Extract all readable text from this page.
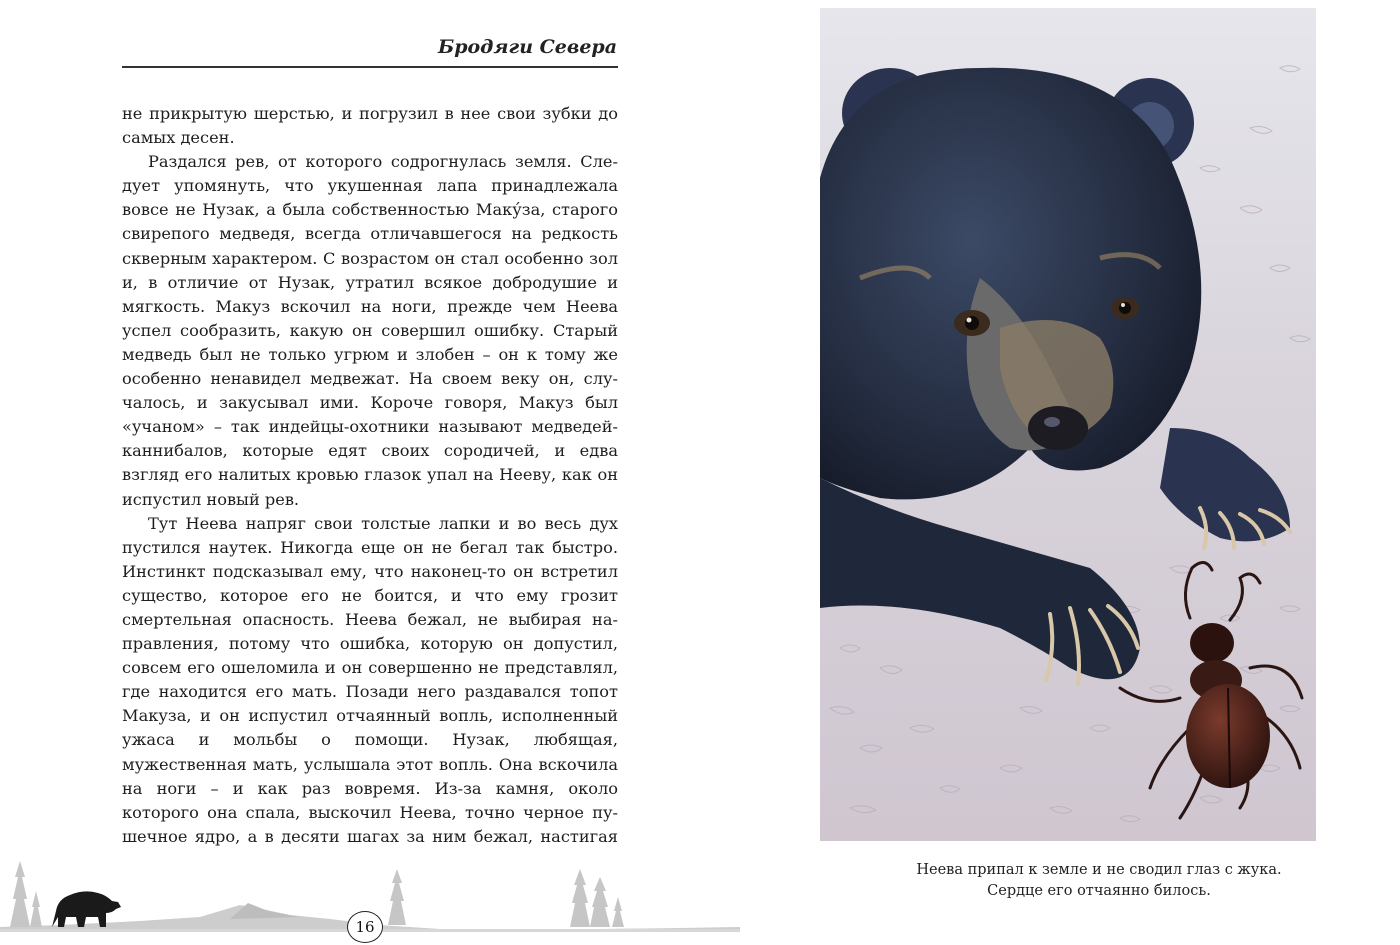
Бродяги Севера

не прикрытую шерстью, и погрузил в нее свои зубки до самых десен.

Раздался рев, от которого содрогнулась земля. Следует упомянуть, что укушенная лапа принадлежала вовсе не Нузак, а была собственностью Маку́за, старого свирепого медведя, всегда отличавшегося на редкость скверным характером. С возрастом он стал особенно зол и, в отличие от Нузак, утратил всякое добродушие и мягкость. Макуз вскочил на ноги, прежде чем Неева успел сообразить, какую он совершил ошибку. Старый медведь был не только угрюм и злобен – он к тому же особенно ненавидел медвежат. На своем веку он, случалось, и закусывал ими. Короче говоря, Макуз был «учаном» – так индейцы-охотники называют медведей-каннибалов, которые едят своих сородичей, и едва взгляд его налитых кровью глазок упал на Нееву, как он испустил новый рев.

Тут Неева напряг свои толстые лапки и во весь дух пустился наутек. Никогда еще он не бегал так быстро. Инстинкт подсказывал ему, что наконец-то он встретил существо, которое его не боится, и что ему грозит смертельная опасность. Неева бежал, не выбирая направления, потому что ошибка, которую он допустил, совсем его ошеломила и он совершенно не представлял, где находится его мать. Позади него раздавался топот Макуза, и он испустил отчаянный вопль, исполненный ужаса и мольбы о помощи. Нузак, любящая, мужественная мать, услышала этот вопль. Она вскочила на ноги – и как раз вовремя. Из-за камня, около которого она спала, выскочил Неева, точно черное пушечное ядро, а в десяти шагах за ним бежал, настигая

16
Неева припал к земле и не сводил глаз с жука.
Сердце его отчаянно билось.
